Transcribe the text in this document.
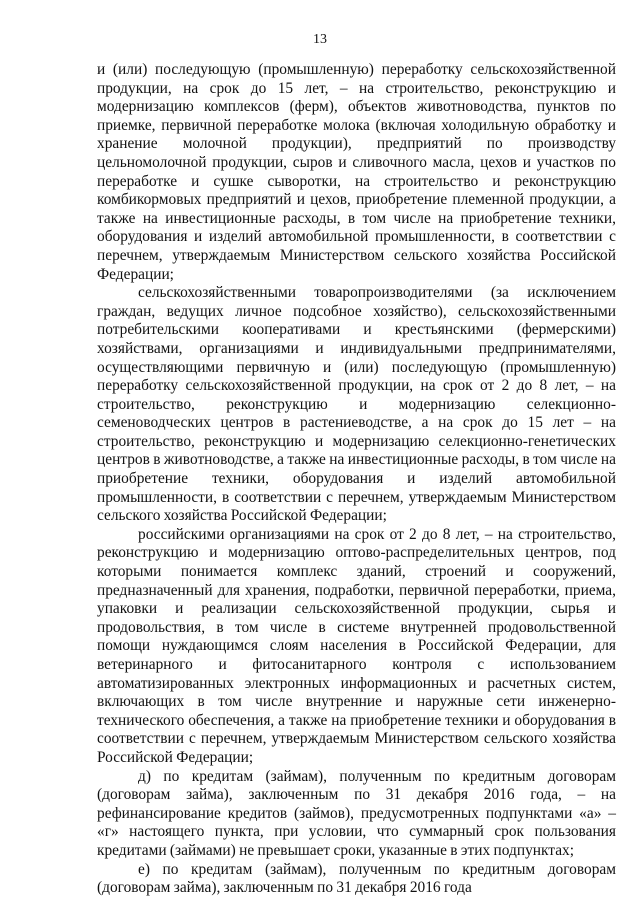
13

и (или) последующую (промышленную) переработку сельскохозяйственной продукции, на срок до 15 лет, – на строительство, реконструкцию и модернизацию комплексов (ферм), объектов животноводства, пунктов по приемке, первичной переработке молока (включая холодильную обработку и хранение молочной продукции), предприятий по производству цельномолочной продукции, сыров и сливочного масла, цехов и участков по переработке и сушке сыворотки, на строительство и реконструкцию комбикормовых предприятий и цехов, приобретение племенной продукции, а также на инвестиционные расходы, в том числе на приобретение техники, оборудования и изделий автомобильной промышленности, в соответствии с перечнем, утверждаемым Министерством сельского хозяйства Российской Федерации;

сельскохозяйственными товаропроизводителями (за исключением граждан, ведущих личное подсобное хозяйство), сельскохозяйственными потребительскими кооперативами и крестьянскими (фермерскими) хозяйствами, организациями и индивидуальными предпринимателями, осуществляющими первичную и (или) последующую (промышленную) переработку сельскохозяйственной продукции, на срок от 2 до 8 лет, – на строительство, реконструкцию и модернизацию селекционно-семеноводческих центров в растениеводстве, а на срок до 15 лет – на строительство, реконструкцию и модернизацию селекционно-генетических центров в животноводстве, а также на инвестиционные расходы, в том числе на приобретение техники, оборудования и изделий автомобильной промышленности, в соответствии с перечнем, утверждаемым Министерством сельского хозяйства Российской Федерации;

российскими организациями на срок от 2 до 8 лет, – на строительство, реконструкцию и модернизацию оптово-распределительных центров, под которыми понимается комплекс зданий, строений и сооружений, предназначенный для хранения, подработки, первичной переработки, приема, упаковки и реализации сельскохозяйственной продукции, сырья и продовольствия, в том числе в системе внутренней продовольственной помощи нуждающимся слоям населения в Российской Федерации, для ветеринарного и фитосанитарного контроля с использованием автоматизированных электронных информационных и расчетных систем, включающих в том числе внутренние и наружные сети инженерно-технического обеспечения, а также на приобретение техники и оборудования в соответствии с перечнем, утверждаемым Министерством сельского хозяйства Российской Федерации;

д) по кредитам (займам), полученным по кредитным договорам (договорам займа), заключенным по 31 декабря 2016 года, – на рефинансирование кредитов (займов), предусмотренных подпунктами «а» – «г» настоящего пункта, при условии, что суммарный срок пользования кредитами (займами) не превышает сроки, указанные в этих подпунктах;

е) по кредитам (займам), полученным по кредитным договорам (договорам займа), заключенным по 31 декабря 2016 года
